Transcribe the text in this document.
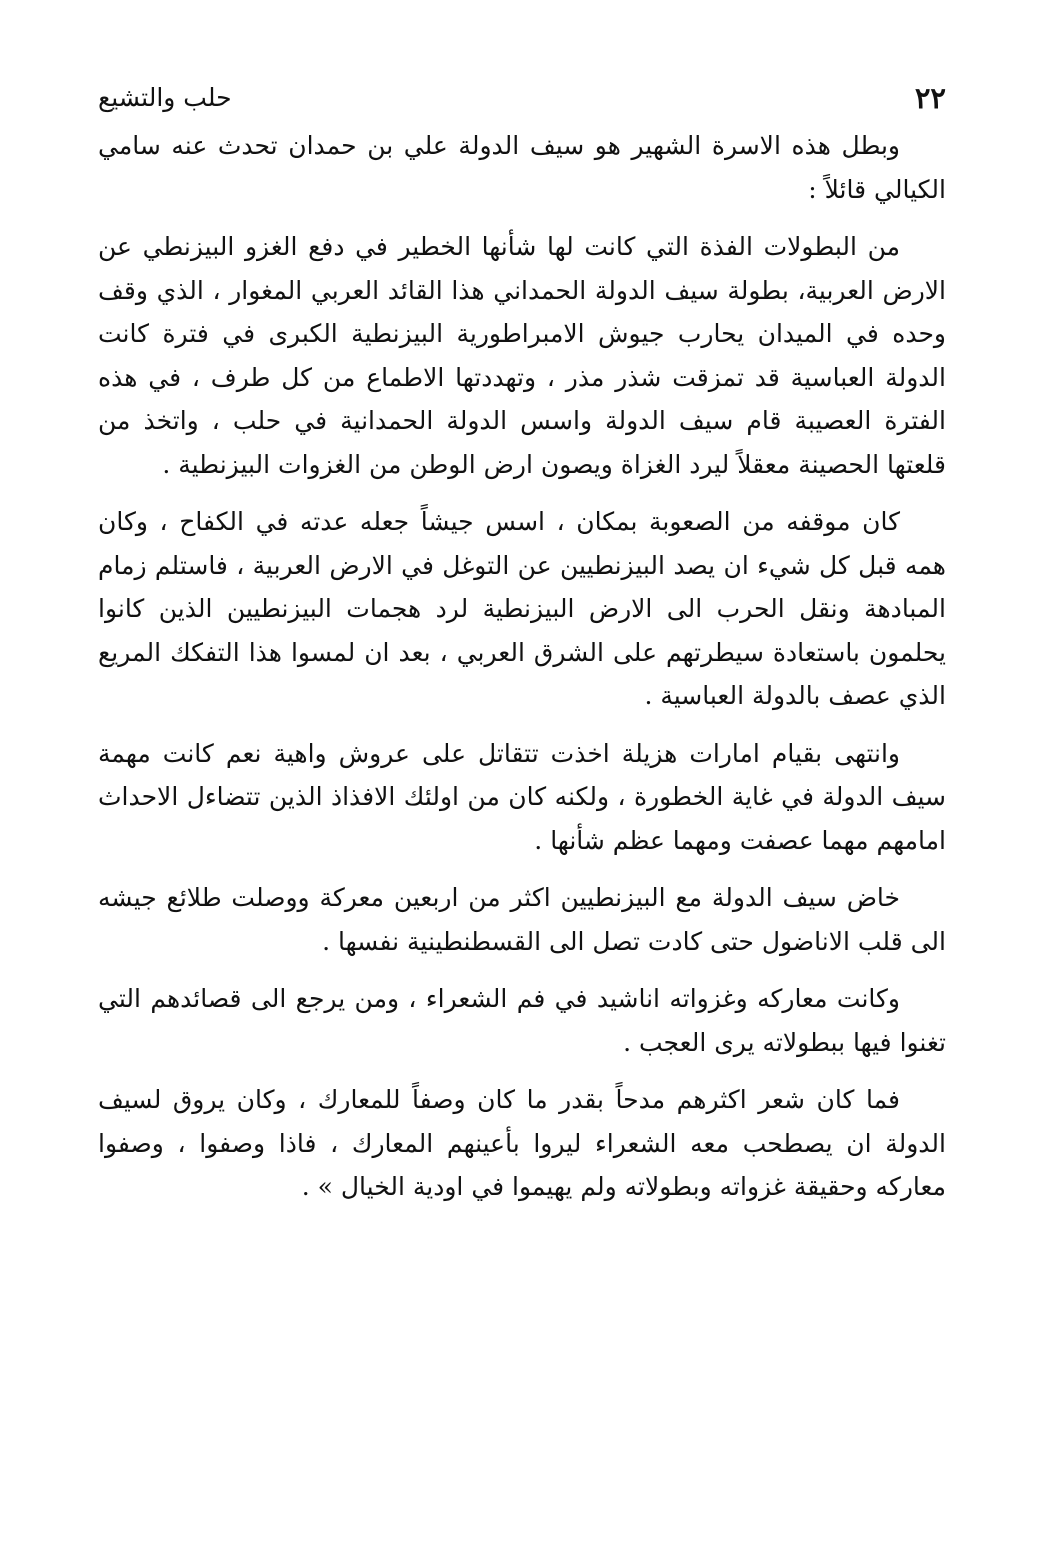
٢٢
حلب والتشيع

وبطل هذه الاسرة الشهير هو سيف الدولة علي بن حمدان تحدث عنه سامي الكيالي قائلاً :

من البطولات الفذة التي كانت لها شأنها الخطير في دفع الغزو البيزنطي عن الارض العربية، بطولة سيف الدولة الحمداني هذا القائد العربي المغوار ، الذي وقف وحده في الميدان يحارب جيوش الامبراطورية البيزنطية الكبرى في فترة كانت الدولة العباسية قد تمزقت شذر مذر ، وتهددتها الاطماع من كل طرف ، في هذه الفترة العصيبة قام سيف الدولة واسس الدولة الحمدانية في حلب ، واتخذ من قلعتها الحصينة معقلاً ليرد الغزاة ويصون ارض الوطن من الغزوات البيزنطية .

كان موقفه من الصعوبة بمكان ، اسس جيشاً جعله عدته في الكفاح ، وكان همه قبل كل شيء ان يصد البيزنطيين عن التوغل في الارض العربية ، فاستلم زمام المبادهة ونقل الحرب الى الارض البيزنطية لرد هجمات البيزنطيين الذين كانوا يحلمون باستعادة سيطرتهم على الشرق العربي ، بعد ان لمسوا هذا التفكك المريع الذي عصف بالدولة العباسية .

وانتهى بقيام امارات هزيلة اخذت تتقاتل على عروش واهية نعم كانت مهمة سيف الدولة في غاية الخطورة ، ولكنه كان من اولئك الافذاذ الذين تتضاءل الاحداث امامهم مهما عصفت ومهما عظم شأنها .

خاض سيف الدولة مع البيزنطيين اكثر من اربعين معركة ووصلت طلائع جيشه الى قلب الاناضول حتى كادت تصل الى القسطنطينية نفسها .

وكانت معاركه وغزواته اناشيد في فم الشعراء ، ومن يرجع الى قصائدهم التي تغنوا فيها ببطولاته يرى العجب .

فما كان شعر اكثرهم مدحاً بقدر ما كان وصفاً للمعارك ، وكان يروق لسيف الدولة ان يصطحب معه الشعراء ليروا بأعينهم المعارك ، فاذا وصفوا ، وصفوا معاركه وحقيقة غزواته وبطولاته ولم يهيموا في اودية الخيال » .
